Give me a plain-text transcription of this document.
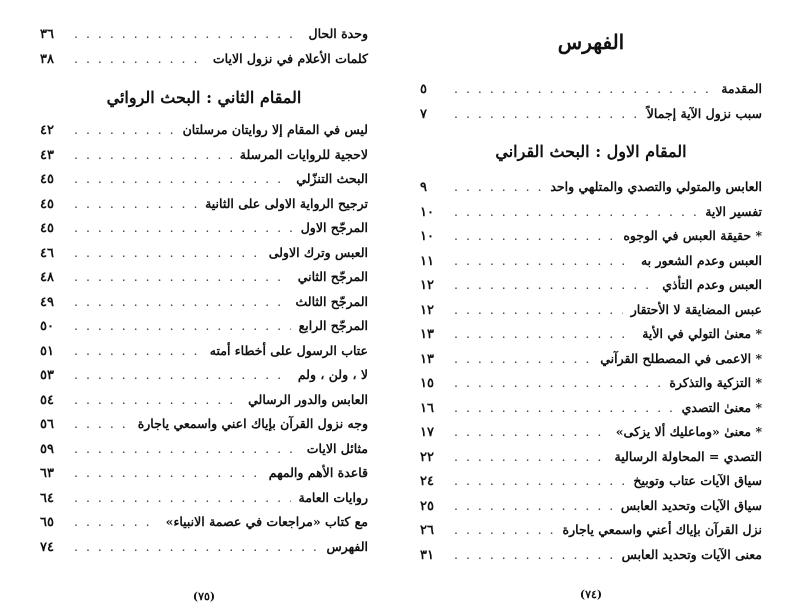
وحدة الحال
. . .
٣٦
كلمات الأعلام في نزول الايات
. . .
٣٨
المقام الثاني : البحث الروائي
ليس في المقام إلا روايتان مرسلتان
. . .
٤٢
لاحجية للروايات المرسلة
. . .
٤٣
البحث التنزّلي
. . .
٤٥
ترجيح الرواية الاولى على الثانية
. . .
٤٥
المرجّح الاول
. . .
٤٥
العبس وترك الاولى
. . .
٤٦
المرجّح الثاني
. . .
٤٨
المرجّح الثالث
. . .
٤٩
المرجّح الرابع
. . .
٥٠
عتاب الرسول على أخطاء أمته
. . .
٥١
لا ، ولن ، ولم
. . .
٥٣
العابس والدور الرسالي
. . .
٥٤
وجه نزول القرآن بإياك اعني واسمعي ياجارة
. . .
٥٦
مثائل الايات
. . .
٥٩
قاعدة الأهم والمهم
. . .
٦٣
روايات العامة
. . .
٦٤
مع كتاب «مراجعات في عصمة الانبياء»
. . .
٦٥
الفهرس
. . .
٧٤
(٧٥)
الفهرس
المقدمة
. . .
٥
سبب نزول الآية إجمالاً
. . .
٧
المقام الاول : البحث القراني
العابس والمتولي والتصدي والمتلهي واحد
. . .
٩
تفسير الاية
. . .
١٠
* حقيقة العبس في الوجوه
. . .
١٠
العبس وعدم الشعور به
. . .
١١
العبس وعدم التأذي
. . .
١٢
عبس المضايقة لا الأحتقار
. . .
١٢
* معنىٰ التولي في الأية
. . .
١٣
* الاعمى في المصطلح القرآني
. . .
١٣
* التزكية والتذكرة
. . .
١٥
* معنىٰ التصدي
. . .
١٦
* معنىٰ «وماعليك ألا يزكى»
. . .
١٧
التصدي = المحاولة الرسالية
. . .
٢٢
سياق الآيات عتاب وتوبيخ
. . .
٢٤
سياق الآيات وتحديد العابس
. . .
٢٥
نزل القرآن بإياك أعني واسمعي ياجارة
. . .
٢٦
معنى الآيات وتحديد العابس
. . .
٣١
(٧٤)
